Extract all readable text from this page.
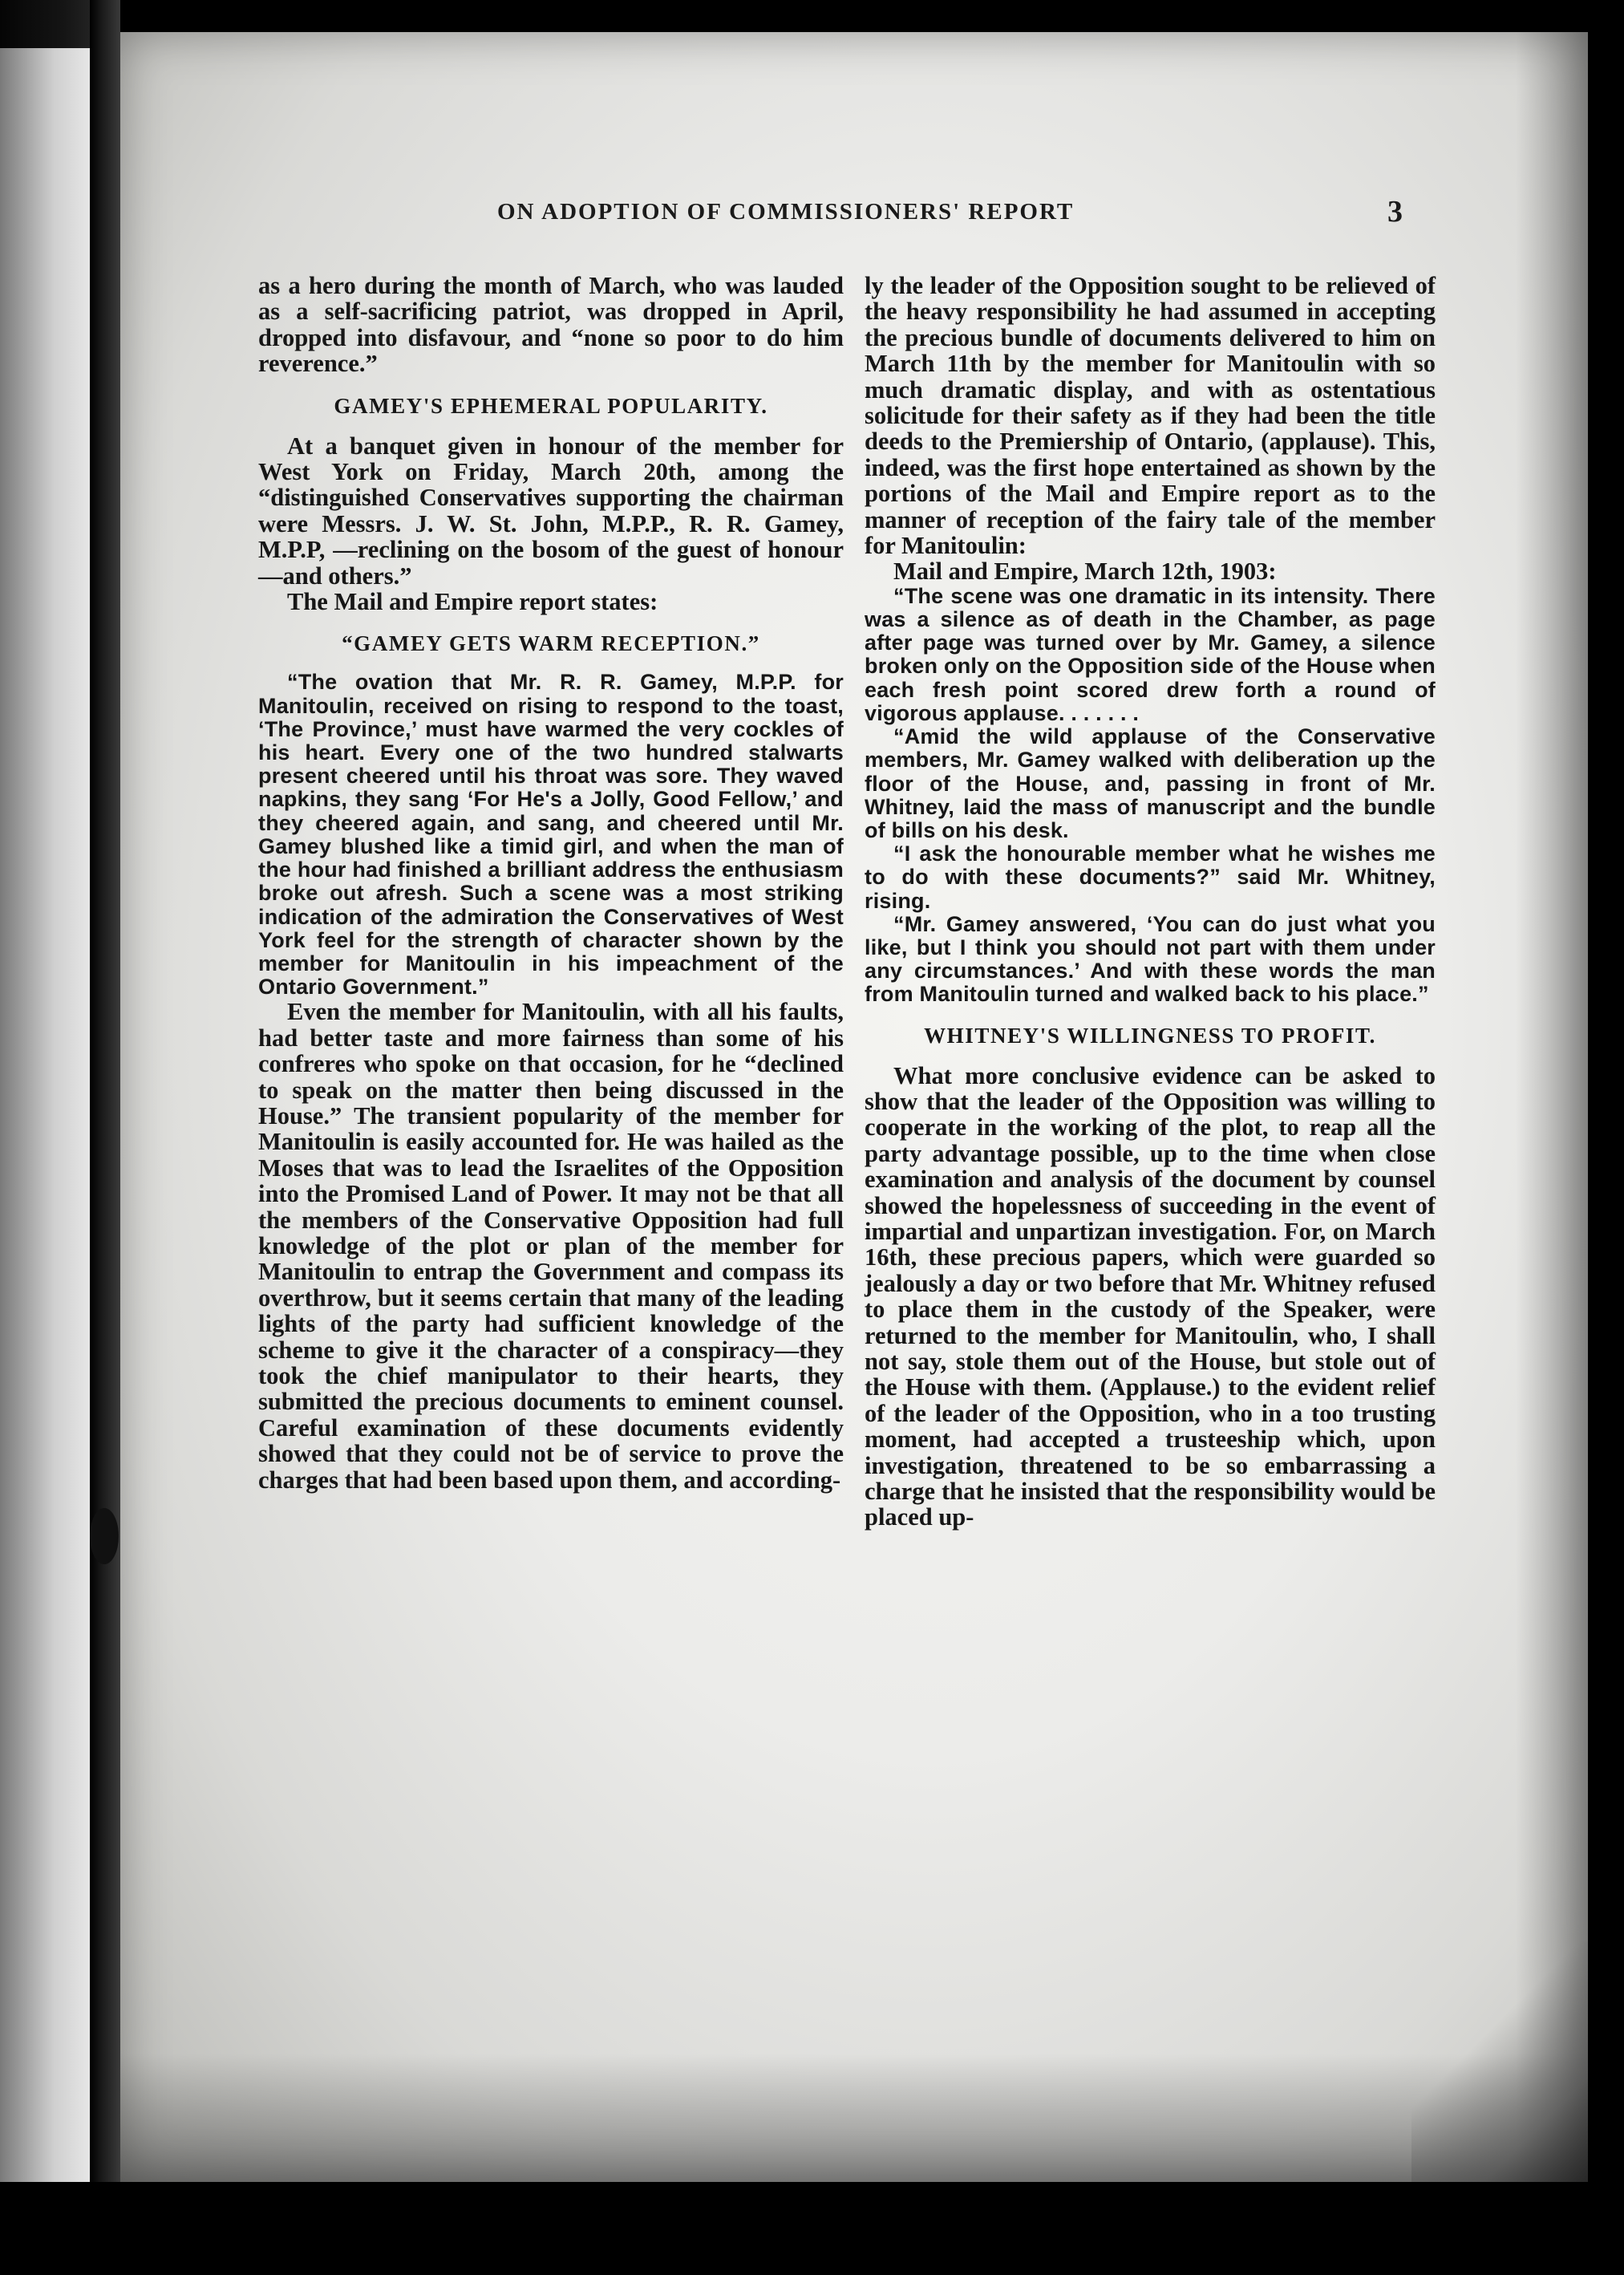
ON ADOPTION OF COMMISSIONERS' REPORT	3

as a hero during the month of March, who was lauded as a self-sacrificing patriot, was dropped in April, dropped into disfavour, and “none so poor to do him reverence.”

GAMEY'S EPHEMERAL POPULARITY.

At a banquet given in honour of the member for West York on Friday, March 20th, among the “distinguished Conservatives supporting the chairman were Messrs. J. W. St. John, M.P.P., R. R. Gamey, M.P.P, —reclining on the bosom of the guest of honour—and others.”

The Mail and Empire report states:

“GAMEY GETS WARM RECEPTION.”

“The ovation that Mr. R. R. Gamey, M.P.P. for Manitoulin, received on rising to respond to the toast, ‘The Province,’ must have warmed the very cockles of his heart. Every one of the two hundred stalwarts present cheered until his throat was sore. They waved napkins, they sang ‘For He's a Jolly, Good Fellow,’ and they cheered again, and sang, and cheered until Mr. Gamey blushed like a timid girl, and when the man of the hour had finished a brilliant address the enthusiasm broke out afresh. Such a scene was a most striking indication of the admiration the Conservatives of West York feel for the strength of character shown by the member for Manitoulin in his impeachment of the Ontario Government.”

Even the member for Manitoulin, with all his faults, had better taste and more fairness than some of his confreres who spoke on that occasion, for he “declined to speak on the matter then being discussed in the House.” The transient popularity of the member for Manitoulin is easily accounted for. He was hailed as the Moses that was to lead the Israelites of the Opposition into the Promised Land of Power. It may not be that all the members of the Conservative Opposition had full knowledge of the plot or plan of the member for Manitoulin to entrap the Government and compass its overthrow, but it seems certain that many of the leading lights of the party had sufficient knowledge of the scheme to give it the character of a conspiracy—they took the chief manipulator to their hearts, they submitted the precious documents to eminent counsel. Careful examination of these documents evidently showed that they could not be of service to prove the charges that had been based upon them, and according-

ly the leader of the Opposition sought to be relieved of the heavy responsibility he had assumed in accepting the precious bundle of documents delivered to him on March 11th by the member for Manitoulin with so much dramatic display, and with as ostentatious solicitude for their safety as if they had been the title deeds to the Premiership of Ontario, (applause). This, indeed, was the first hope entertained as shown by the portions of the Mail and Empire report as to the manner of reception of the fairy tale of the member for Manitoulin:

Mail and Empire, March 12th, 1903:

“The scene was one dramatic in its intensity. There was a silence as of death in the Chamber, as page after page was turned over by Mr. Gamey, a silence broken only on the Opposition side of the House when each fresh point scored drew forth a round of vigorous applause. . . . . . .

“Amid the wild applause of the Conservative members, Mr. Gamey walked with deliberation up the floor of the House, and, passing in front of Mr. Whitney, laid the mass of manuscript and the bundle of bills on his desk.

“I ask the honourable member what he wishes me to do with these documents?” said Mr. Whitney, rising.

“Mr. Gamey answered, ‘You can do just what you like, but I think you should not part with them under any circumstances.’ And with these words the man from Manitoulin turned and walked back to his place.”

WHITNEY'S WILLINGNESS TO PROFIT.

What more conclusive evidence can be asked to show that the leader of the Opposition was willing to cooperate in the working of the plot, to reap all the party advantage possible, up to the time when close examination and analysis of the document by counsel showed the hopelessness of succeeding in the event of impartial and unpartizan investigation. For, on March 16th, these precious papers, which were guarded so jealously a day or two before that Mr. Whitney refused to place them in the custody of the Speaker, were returned to the member for Manitoulin, who, I shall not say, stole them out of the House, but stole out of the House with them. (Applause.) to the evident relief of the leader of the Opposition, who in a too trusting moment, had accepted a trusteeship which, upon investigation, threatened to be so embarrassing a charge that he insisted that the responsibility would be placed up-
